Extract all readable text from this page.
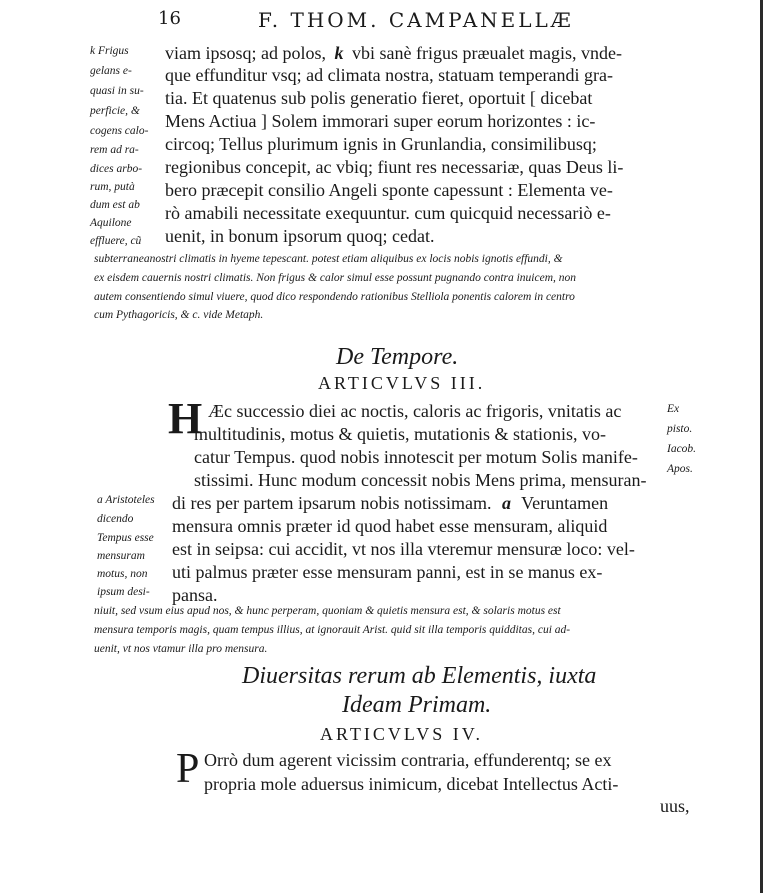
16	F. THOM. CAMPANELLÆ
k Frigus
gelans e-
quasi in su-
perficie, &
cogens calo-
rem ad ra-
dices arbo-
rum, putà
dum est ab
Aquilone
effluere, cũ
viam ipsosq; ad polos, k vbi sanè frigus præualet magis, vnde-
que effunditur vsq; ad climata nostra, statuam temperandi gra-
tia. Et quatenus sub polis generatio fieret, oportuit [ dicebat
Mens Actiua ] Solem immorari super eorum horizontes : ic-
circoq; Tellus plurimum ignis in Grunlandia, consimilibusq;
regionibus concepit, ac vbiq; fiunt res necessariæ, quas Deus li-
bero præcepit consilio Angeli sponte capessunt : Elementa ve-
rò amabili necessitate exequuntur. cum quicquid necessariò e-
uenit, in bonum ipsorum quoq; cedat.
subterraneanostri climatis in hyeme tepescant. potest etiam aliquibus ex locis nobis ignotis effundi, &
ex eisdem cauernis nostri climatis. Non frigus & calor simul esse possunt pugnando contra inuicem, non
autem consentiendo simul viuere, quod dico respondendo rationibus Stelliola ponentis calorem in centro
cum Pythagoricis, & c. vide Metaph.
De Tempore.
ARTICVLVS III.
H	Ex
pisto.
Iacob.
Apos.
Æc successio diei ac noctis, caloris ac frigoris, vnitatis ac
multitudinis, motus & quietis, mutationis & stationis, vo-
catur Tempus. quod nobis innotescit per motum Solis manife-
stissimi. Hunc modum concessit nobis Mens prima, mensuran-
di res per partem ipsarum nobis notissimam. a Veruntamen
mensura omnis præter id quod habet esse mensuram, aliquid
est in seipsa: cui accidit, vt nos illa vteremur mensuræ loco: vel-
uti palmus præter esse mensuram panni, est in se manus ex-
pansa.
a Aristoteles
dicendo
Tempus esse
mensuram
motus, non
ipsum desi-
niuit, sed vsum eius apud nos, & hunc perperam, quoniam & quietis mensura est, & solaris motus est
mensura temporis magis, quam tempus illius, at ignorauit Arist. quid sit illa temporis quidditas, cui ad-
uenit, vt nos vtamur illa pro mensura.
Diuersitas rerum ab Elementis, iuxta
Ideam Primam.
ARTICVLVS IV.
P Orrò dum agerent vicissim contraria, effunderentq; se ex
propria mole aduersus inimicum, dicebat Intellectus Acti-
uus,
